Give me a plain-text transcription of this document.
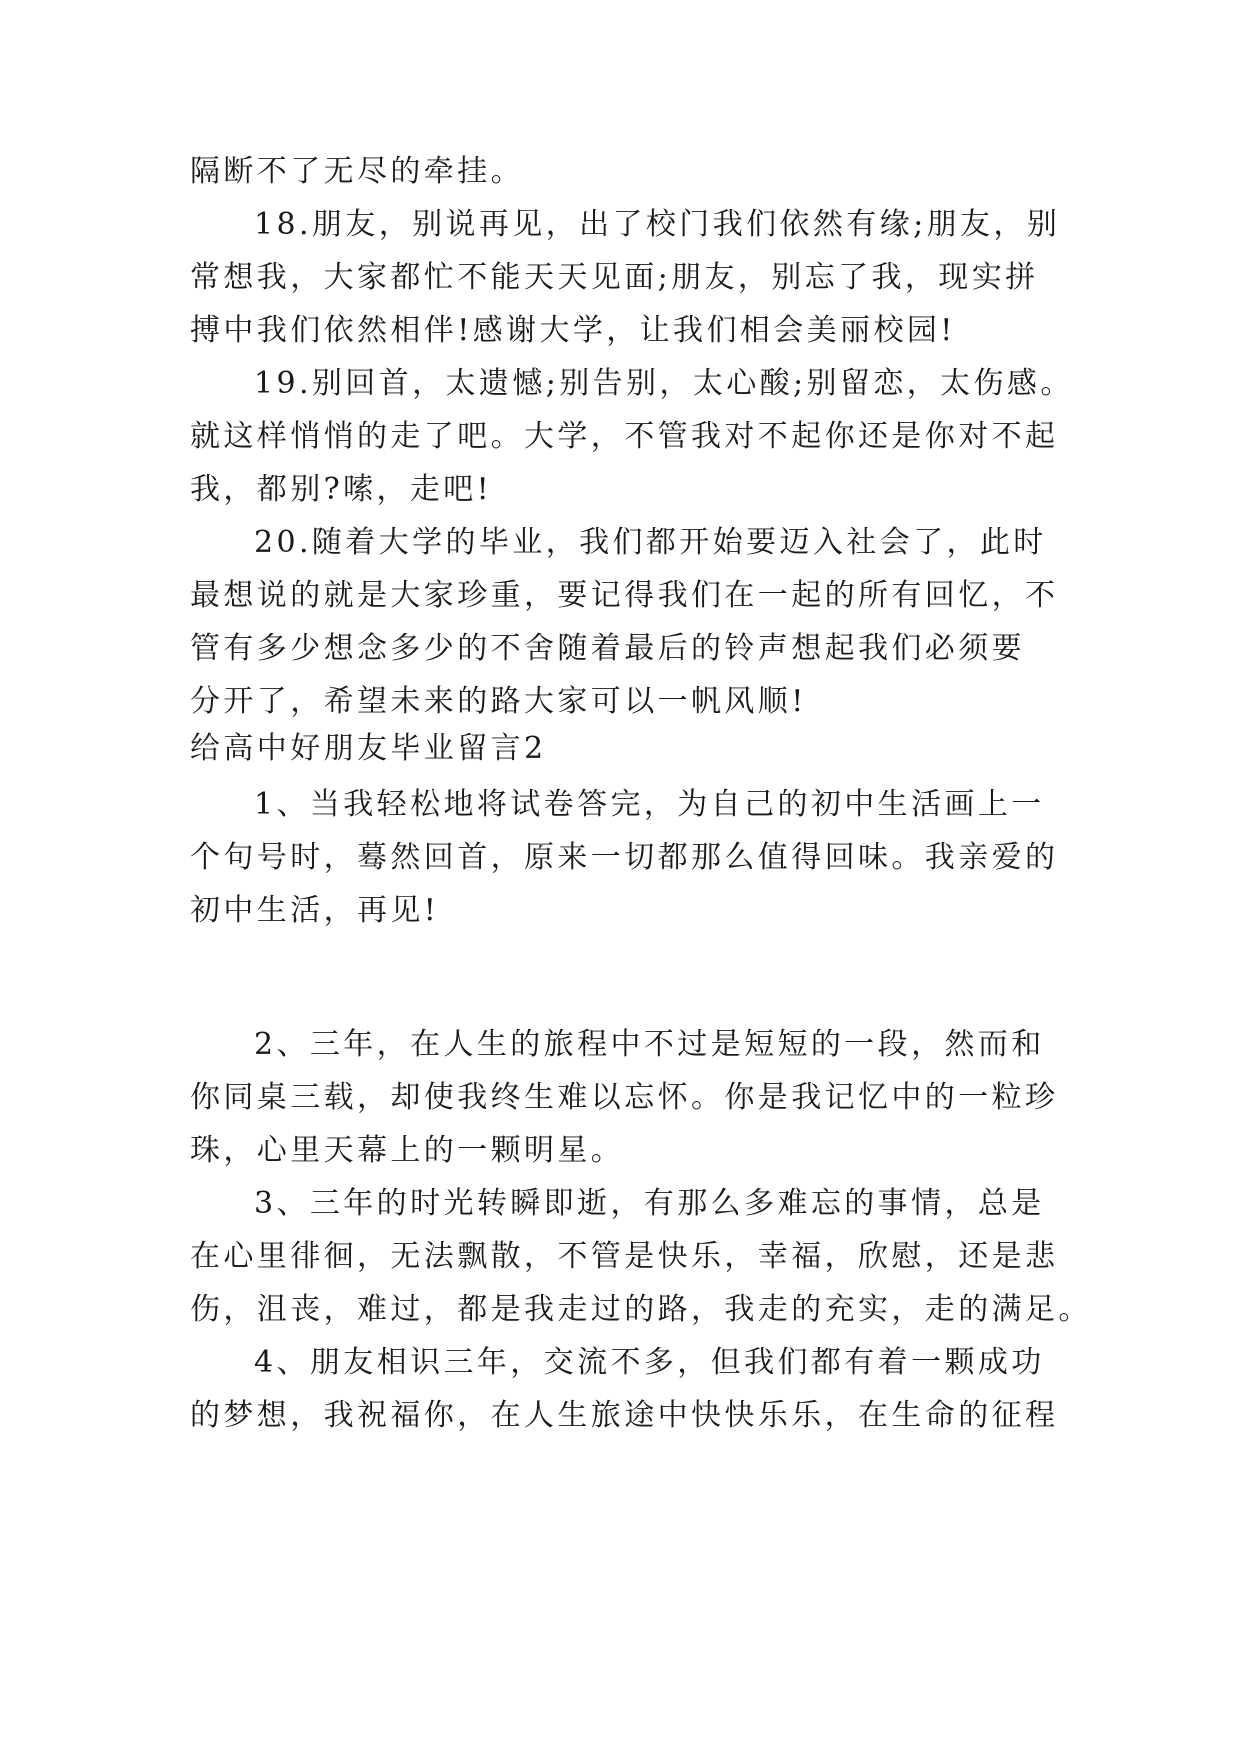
隔断不了无尽的牵挂。
18.朋友，别说再见，出了校门我们依然有缘;朋友，别
常想我，大家都忙不能天天见面;朋友，别忘了我，现实拼
搏中我们依然相伴!感谢大学，让我们相会美丽校园!
19.别回首，太遗憾;别告别，太心酸;别留恋，太伤感。
就这样悄悄的走了吧。大学，不管我对不起你还是你对不起
我，都别?嗦，走吧!
20.随着大学的毕业，我们都开始要迈入社会了，此时
最想说的就是大家珍重，要记得我们在一起的所有回忆，不
管有多少想念多少的不舍随着最后的铃声想起我们必须要
分开了，希望未来的路大家可以一帆风顺!
给高中好朋友毕业留言2
1、当我轻松地将试卷答完，为自己的初中生活画上一
个句号时，蓦然回首，原来一切都那么值得回味。我亲爱的
初中生活，再见!
2、三年，在人生的旅程中不过是短短的一段，然而和
你同桌三载，却使我终生难以忘怀。你是我记忆中的一粒珍
珠，心里天幕上的一颗明星。
3、三年的时光转瞬即逝，有那么多难忘的事情，总是
在心里徘徊，无法飘散，不管是快乐，幸福，欣慰，还是悲
伤，沮丧，难过，都是我走过的路，我走的充实，走的满足。
4、朋友相识三年，交流不多，但我们都有着一颗成功
的梦想，我祝福你，在人生旅途中快快乐乐，在生命的征程
